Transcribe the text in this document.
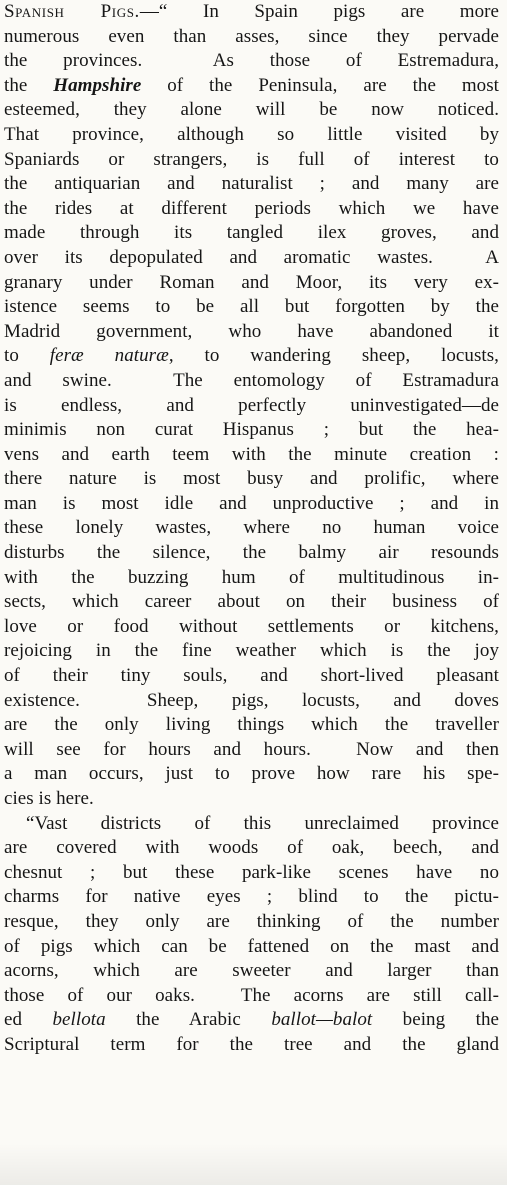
Spanish Pigs.—“ In Spain pigs are more
numerous even than asses, since they pervade
the provinces.  As those of Estremadura,
the Hampshire of the Peninsula, are the most
esteemed, they alone will be now noticed.
That province, although so little visited by
Spaniards or strangers, is full of interest to
the antiquarian and naturalist ; and many are
the rides at different periods which we have
made through its tangled ilex groves, and
over its depopulated and aromatic wastes.  A
granary under Roman and Moor, its very ex-
istence seems to be all but forgotten by the
Madrid government, who have abandoned it
to feræ naturæ, to wandering sheep, locusts,
and swine.  The entomology of Estramadura
is endless, and perfectly uninvestigated—de
minimis non curat Hispanus ; but the hea-
vens and earth teem with the minute creation :
there nature is most busy and prolific, where
man is most idle and unproductive ; and in
these lonely wastes, where no human voice
disturbs the silence, the balmy air resounds
with the buzzing hum of multitudinous in-
sects, which career about on their business of
love or food without settlements or kitchens,
rejoicing in the fine weather which is the joy
of their tiny souls, and short-lived pleasant
existence.  Sheep, pigs, locusts, and doves
are the only living things which the traveller
will see for hours and hours.  Now and then
a man occurs, just to prove how rare his spe-
cies is here.
“Vast districts of this unreclaimed province
are covered with woods of oak, beech, and
chesnut ; but these park-like scenes have no
charms for native eyes ; blind to the pictu-
resque, they only are thinking of the number
of pigs which can be fattened on the mast and
acorns, which are sweeter and larger than
those of our oaks.  The acorns are still call-
ed bellota the Arabic ballot—balot being the
Scriptural term for the tree and the gland
